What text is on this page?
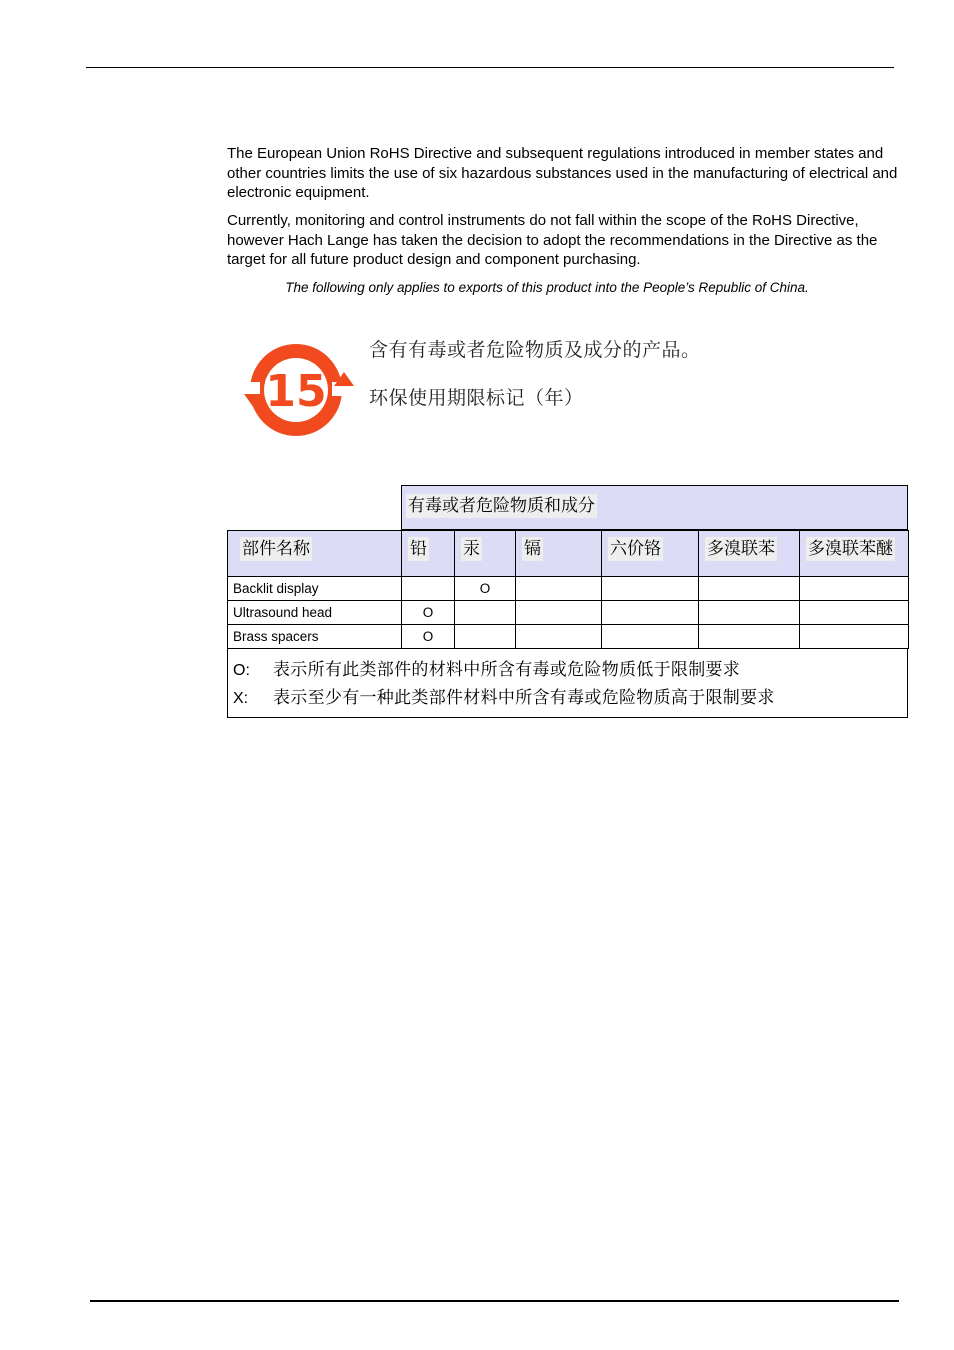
The European Union RoHS Directive and subsequent regulations introduced in member states and other countries limits the use of six hazardous substances used in the manufacturing of electrical and electronic equipment.

Currently, monitoring and control instruments do not fall within the scope of the RoHS Directive, however Hach Lange has taken the decision to adopt the recommendations in the Directive as the target for all future product design and component purchasing.

The following only applies to exports of this product into the People’s Republic of China.

15
含有有毒或者危险物质及成分的产品。
环保使用期限标记（年）
有毒或者危险物质和成分
部件名称	铅	汞	镉	六价铬	多溴联苯	多溴联苯醚
Backlit display		O				
Ultrasound head	O					
Brass spacers	O					
O: 表示所有此类部件的材料中所含有毒或危险物质低于限制要求
X: 表示至少有一种此类部件材料中所含有毒或危险物质高于限制要求
